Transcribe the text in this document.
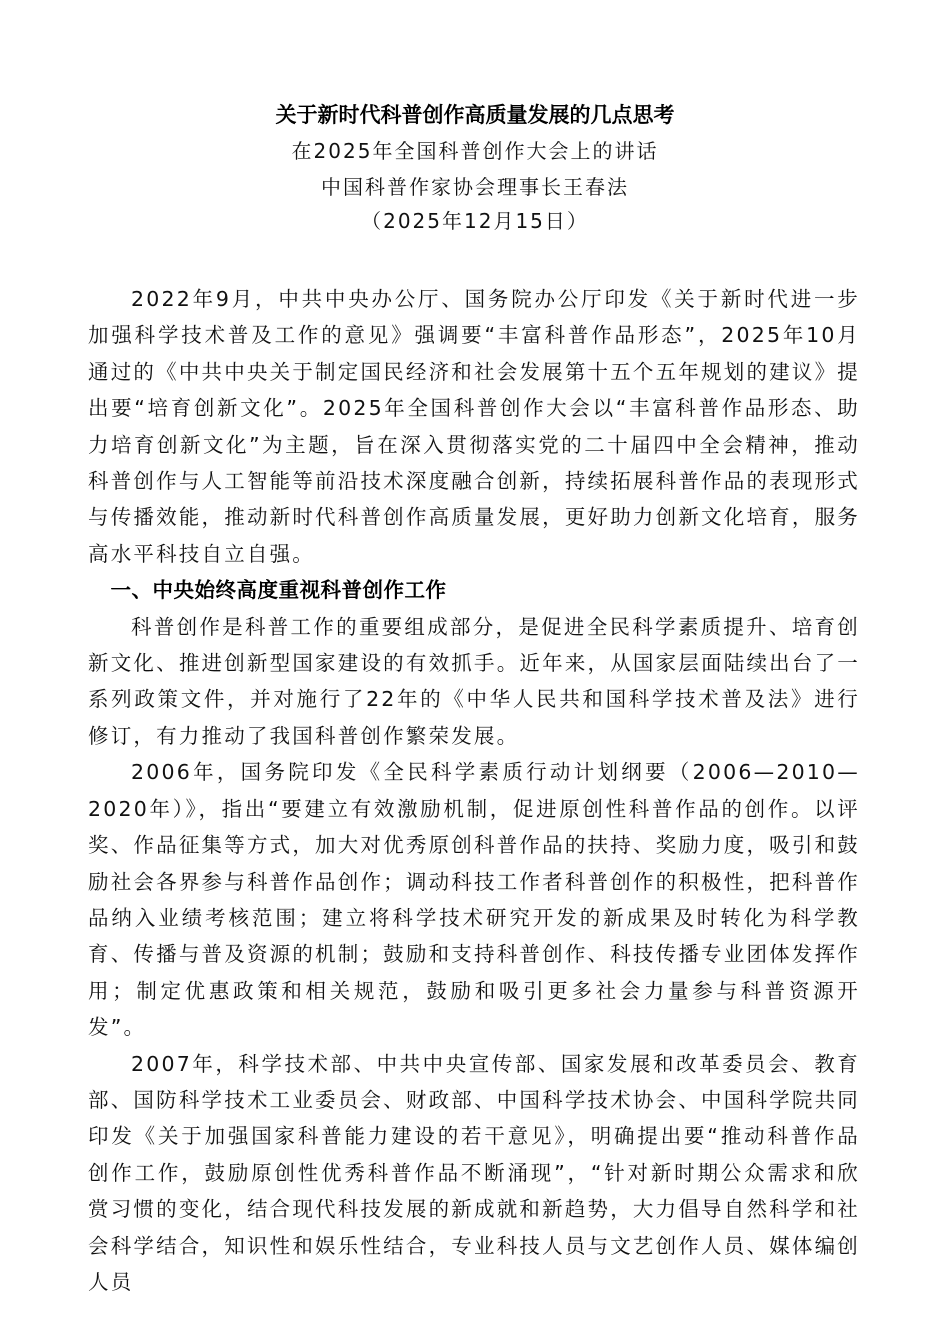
关于新时代科普创作高质量发展的几点思考
在2025年全国科普创作大会上的讲话
中国科普作家协会理事长王春法
（2025年12月15日）

2022年9月，中共中央办公厅、国务院办公厅印发《关于新时代进一步加强科学技术普及工作的意见》强调要“丰富科普作品形态”，2025年10月通过的《中共中央关于制定国民经济和社会发展第十五个五年规划的建议》提出要“培育创新文化”。2025年全国科普创作大会以“丰富科普作品形态、助力培育创新文化”为主题，旨在深入贯彻落实党的二十届四中全会精神，推动科普创作与人工智能等前沿技术深度融合创新，持续拓展科普作品的表现形式与传播效能，推动新时代科普创作高质量发展，更好助力创新文化培育，服务高水平科技自立自强。

一、中央始终高度重视科普创作工作

科普创作是科普工作的重要组成部分，是促进全民科学素质提升、培育创新文化、推进创新型国家建设的有效抓手。近年来，从国家层面陆续出台了一系列政策文件，并对施行了22年的《中华人民共和国科学技术普及法》进行修订，有力推动了我国科普创作繁荣发展。

2006年，国务院印发《全民科学素质行动计划纲要（2006—2010—2020年）》，指出“要建立有效激励机制，促进原创性科普作品的创作。以评奖、作品征集等方式，加大对优秀原创科普作品的扶持、奖励力度，吸引和鼓励社会各界参与科普作品创作；调动科技工作者科普创作的积极性，把科普作品纳入业绩考核范围；建立将科学技术研究开发的新成果及时转化为科学教育、传播与普及资源的机制；鼓励和支持科普创作、科技传播专业团体发挥作用；制定优惠政策和相关规范，鼓励和吸引更多社会力量参与科普资源开发”。

2007年，科学技术部、中共中央宣传部、国家发展和改革委员会、教育部、国防科学技术工业委员会、财政部、中国科学技术协会、中国科学院共同印发《关于加强国家科普能力建设的若干意见》，明确提出要“推动科普作品创作工作，鼓励原创性优秀科普作品不断涌现”，“针对新时期公众需求和欣赏习惯的变化，结合现代科技发展的新成就和新趋势，大力倡导自然科学和社会科学结合，知识性和娱乐性结合，专业科技人员与文艺创作人员、媒体编创人员
